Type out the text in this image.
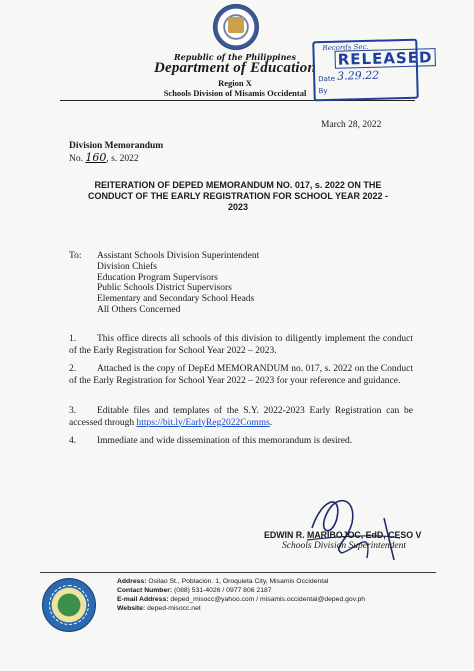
Republic of the Philippines
Department of Education
Region X
Schools Division of Misamis Occidental
Records Sec.
RELEASED
Date 3.29.22
By
March 28, 2022
Division Memorandum
No. 160, s. 2022
REITERATION OF DEPED MEMORANDUM NO. 017, s. 2022 ON THE
CONDUCT OF THE EARLY REGISTRATION FOR SCHOOL YEAR 2022 -
2023
To: Assistant Schools Division Superintendent
Division Chiefs
Education Program Supervisors
Public Schools District Supervisors
Elementary and Secondary School Heads
All Others Concerned
1. This office directs all schools of this division to diligently implement the conduct of the Early Registration for School Year 2022 – 2023.
2. Attached is the copy of DepEd MEMORANDUM no. 017, s. 2022 on the Conduct of the Early Registration for School Year 2022 – 2023 for your reference and guidance.
3. Editable files and templates of the S.Y. 2022-2023 Early Registration can be accessed through https://bit.ly/EarlyReg2022Comms.
4. Immediate and wide dissemination of this memorandum is desired.
EDWIN R. MARIBOJOC, EdD, CESO V
Schools Division Superintendent
Address: Osilao St., Poblacion. 1, Oroquieta City, Misamis Occidental
Contact Number: (088) 531-4026 / 0977 806 2187
E-mail Address: deped_misocc@yahoo.com / misamis.occidental@deped.gov.ph
Website: deped-misocc.net
